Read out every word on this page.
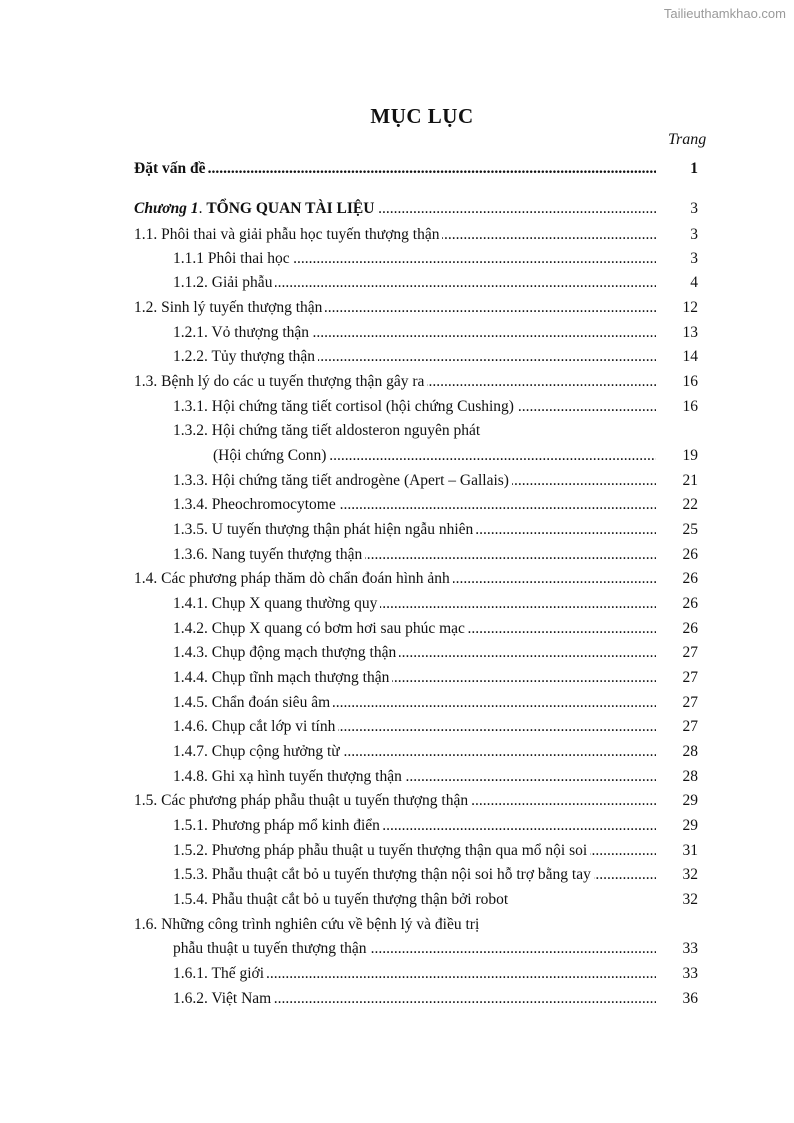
Tailieuthamkhao.com
MỤC LỤC
Trang
Đặt vấn đề .....	1
Chương 1. TỔNG QUAN TÀI LIỆU .....	3
1.1. Phôi thai và giải phẫu học tuyến thượng thận .....	3
1.1.1 Phôi thai học .....	3
1.1.2. Giải phẫu .....	4
1.2. Sinh lý tuyến thượng thận .....	12
1.2.1. Vỏ thượng thận .....	13
1.2.2. Tủy thượng thận .....	14
1.3. Bệnh lý do các u tuyến thượng thận gây ra .....	16
1.3.1. Hội chứng tăng tiết cortisol (hội chứng Cushing) .....	16
1.3.2. Hội chứng tăng tiết aldosteron nguyên phát
(Hội chứng Conn) .....	19
1.3.3. Hội chứng tăng tiết androgène (Apert – Gallais) .....	21
1.3.4. Pheochromocytome .....	22
1.3.5. U tuyến thượng thận phát hiện ngẫu nhiên .....	25
1.3.6. Nang tuyến thượng thận .....	26
1.4. Các phương pháp thăm dò chẩn đoán hình ảnh .....	26
1.4.1. Chụp X quang thường quy .....	26
1.4.2. Chụp X quang có bơm hơi sau phúc mạc .....	26
1.4.3. Chụp động mạch thượng thận .....	27
1.4.4. Chụp tĩnh mạch thượng thận .....	27
1.4.5. Chẩn đoán siêu âm .....	27
1.4.6. Chụp cắt lớp vi tính .....	27
1.4.7. Chụp cộng hưởng từ .....	28
1.4.8. Ghi xạ hình tuyến thượng thận .....	28
1.5. Các phương pháp phẫu thuật u tuyến thượng thận .....	29
1.5.1. Phương pháp mổ kinh điển .....	29
1.5.2. Phương pháp phẫu thuật u tuyến thượng thận qua mổ nội soi .....	31
1.5.3. Phẫu thuật cắt bỏ u tuyến thượng thận nội soi hỗ trợ bằng tay .....	32
1.5.4. Phẫu thuật cắt bỏ u tuyến thượng thận bởi robot	32
1.6. Những công trình nghiên cứu về bệnh lý và điều trị
phẫu thuật u tuyến thượng thận .....	33
1.6.1. Thế giới .....	33
1.6.2. Việt Nam .....	36
